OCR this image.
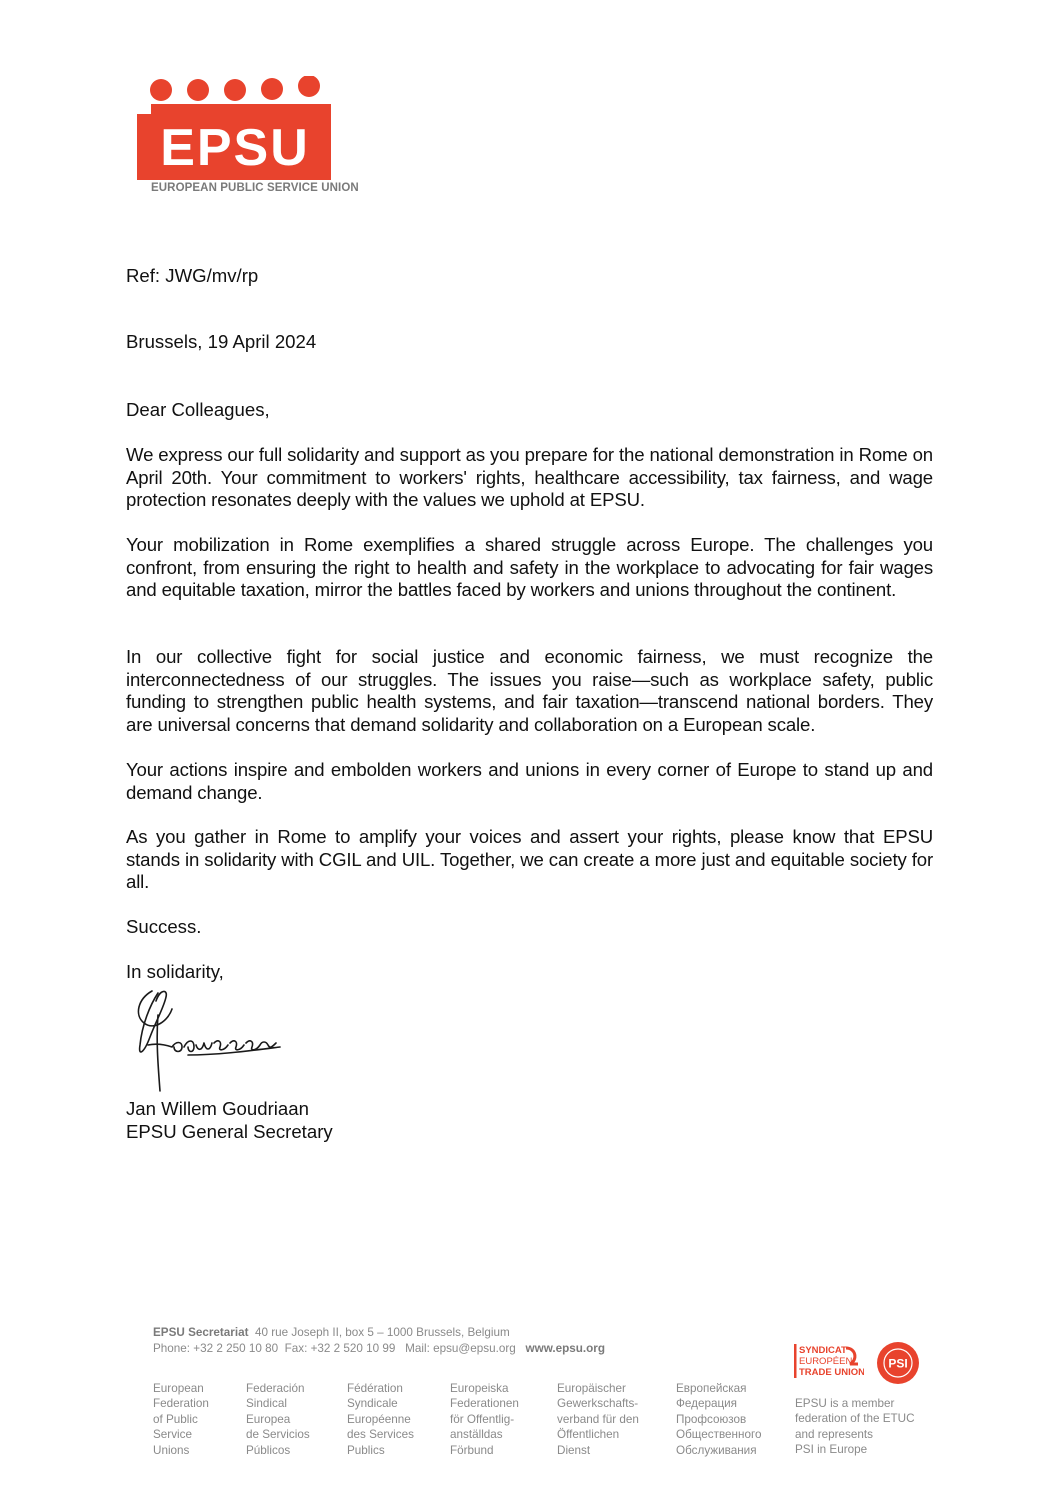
EPSU
EUROPEAN PUBLIC SERVICE UNION

Ref: JWG/mv/rp

Brussels, 19 April 2024

Dear Colleagues,

We express our full solidarity and support as you prepare for the national demonstration in Rome on April 20th. Your commitment to workers' rights, healthcare accessibility, tax fairness, and wage protection resonates deeply with the values we uphold at EPSU.

Your mobilization in Rome exemplifies a shared struggle across Europe. The challenges you confront, from ensuring the right to health and safety in the workplace to advocating for fair wages and equitable taxation, mirror the battles faced by workers and unions throughout the continent.

In our collective fight for social justice and economic fairness, we must recognize the interconnectedness of our struggles. The issues you raise—such as workplace safety, public funding to strengthen public health systems, and fair taxation—transcend national borders. They are universal concerns that demand solidarity and collaboration on a European scale.

Your actions inspire and embolden workers and unions in every corner of Europe to stand up and demand change.

As you gather in Rome to amplify your voices and assert your rights, please know that EPSU stands in solidarity with CGIL and UIL. Together, we can create a more just and equitable society for all.

Success.

In solidarity,

Jan Willem Goudriaan

EPSU General Secretary

EPSU Secretariat 40 rue Joseph II, box 5 – 1000 Brussels, Belgium
Phone: +32 2 250 10 80 Fax: +32 2 520 10 99 Mail: epsu@epsu.org www.epsu.org
European
Federation
of Public
Service
Unions
Federación
Sindical
Europea
de Servicios
Públicos
Fédération
Syndicale
Européenne
des Services
Publics
Europeiska
Federationen
för Offentlig-
anställdas
Förbund
Europäischer
Gewerkschafts-
verband für den
Öffentlichen
Dienst
Европейская
Федерация
Профсоюзов
Общественного
Обслуживания
SYNDICAT
EUROPÉEN
TRADE UNION
PSI
EPSU is a member
federation of the ETUC
and represents
PSI in Europe
